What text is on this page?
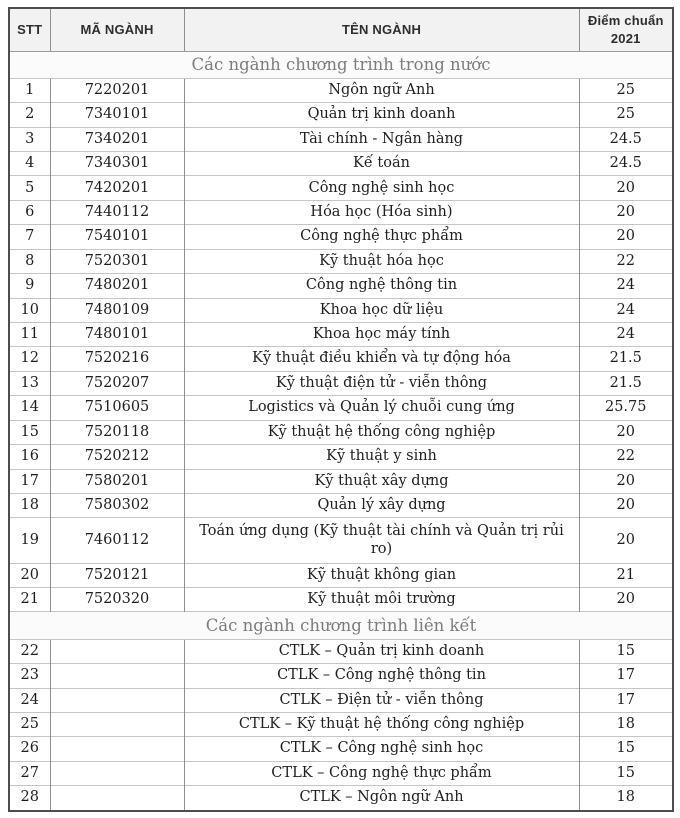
STT	MÃ NGÀNH	TÊN NGÀNH	Điểm chuẩn 2021
Các ngành chương trình trong nước			
1	7220201	Ngôn ngữ Anh	25
2	7340101	Quản trị kinh doanh	25
3	7340201	Tài chính - Ngân hàng	24.5
4	7340301	Kế toán	24.5
5	7420201	Công nghệ sinh học	20
6	7440112	Hóa học (Hóa sinh)	20
7	7540101	Công nghệ thực phẩm	20
8	7520301	Kỹ thuật hóa học	22
9	7480201	Công nghệ thông tin	24
10	7480109	Khoa học dữ liệu	24
11	7480101	Khoa học máy tính	24
12	7520216	Kỹ thuật điều khiển và tự động hóa	21.5
13	7520207	Kỹ thuật điện tử - viễn thông	21.5
14	7510605	Logistics và Quản lý chuỗi cung ứng	25.75
15	7520118	Kỹ thuật hệ thống công nghiệp	20
16	7520212	Kỹ thuật y sinh	22
17	7580201	Kỹ thuật xây dựng	20
18	7580302	Quản lý xây dựng	20
19	7460112	Toán ứng dụng (Kỹ thuật tài chính và Quản trị rủi ro)	20
20	7520121	Kỹ thuật không gian	21
21	7520320	Kỹ thuật môi trường	20
Các ngành chương trình liên kết			
22		CTLK – Quản trị kinh doanh	15
23		CTLK – Công nghệ thông tin	17
24		CTLK – Điện tử - viễn thông	17
25		CTLK – Kỹ thuật hệ thống công nghiệp	18
26		CTLK – Công nghệ sinh học	15
27		CTLK – Công nghệ thực phẩm	15
28		CTLK – Ngôn ngữ Anh	18
